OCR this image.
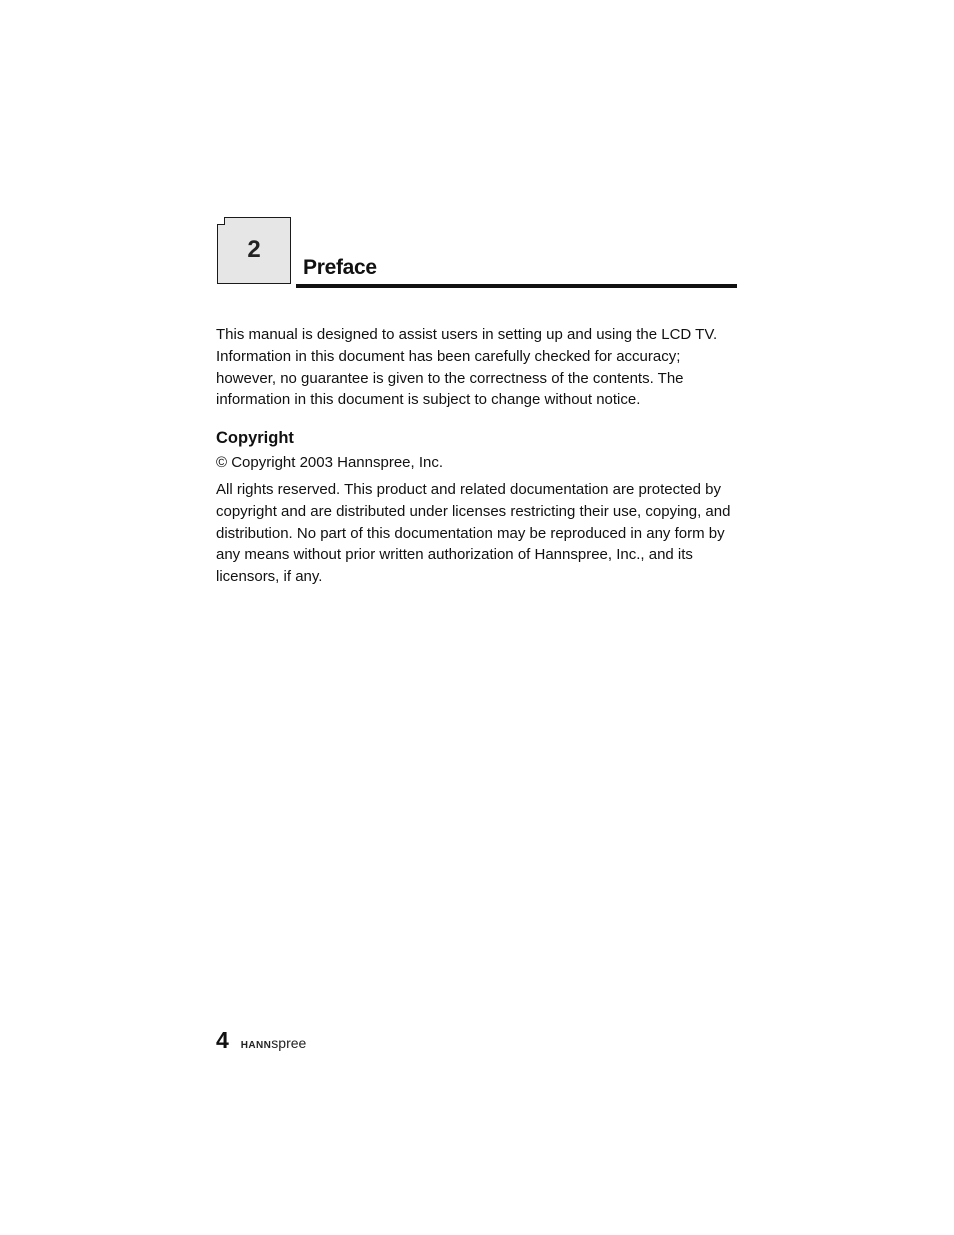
2
Preface

This manual is designed to assist users in setting up and using the LCD TV. Information in this document has been carefully checked for accuracy; however, no guarantee is given to the correctness of the contents. The information in this document is subject to change without notice.

Copyright

© Copyright 2003 Hannspree, Inc.

All rights reserved. This product and related documentation are protected by copyright and are distributed under licenses restricting their use, copying, and distribution. No part of this documentation may be reproduced in any form by any means without prior written authorization of Hannspree, Inc., and its licensors, if any.

4 HANNspree
